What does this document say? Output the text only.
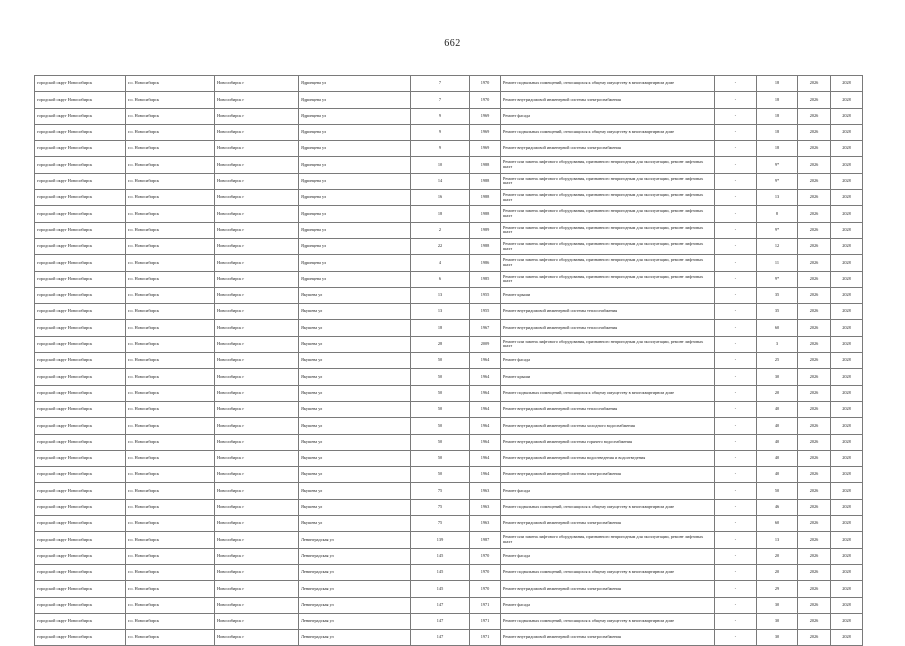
662
городской округ Новосибирск	г.о. Новосибирск	Новосибирск г	Ядринцева ул	7	1970	Ремонт подвальных помещений, относящихся к общему имуществу в многоквартирном доме	-	18	2026	2028
городской округ Новосибирск	г.о. Новосибирск	Новосибирск г	Ядринцева ул	7	1970	Ремонт внутридомовой инженерной системы электроснабжения	-	18	2026	2028
городской округ Новосибирск	г.о. Новосибирск	Новосибирск г	Ядринцева ул	9	1969	Ремонт фасада	-	18	2026	2028
городской округ Новосибирск	г.о. Новосибирск	Новосибирск г	Ядринцева ул	9	1969	Ремонт подвальных помещений, относящихся к общему имуществу в многоквартирном доме	-	18	2026	2028
городской округ Новосибирск	г.о. Новосибирск	Новосибирск г	Ядринцева ул	9	1969	Ремонт внутридомовой инженерной системы электроснабжения	-	18	2026	2028
городской округ Новосибирск	г.о. Новосибирск	Новосибирск г	Ядринцева ул	10	1988	Ремонт или замена лифтового оборудования, признанного непригодным для эксплуатации, ремонт лифтовых шахт	-	9*	2026	2028
городской округ Новосибирск	г.о. Новосибирск	Новосибирск г	Ядринцева ул	14	1988	Ремонт или замена лифтового оборудования, признанного непригодным для эксплуатации, ремонт лифтовых шахт	-	9*	2026	2028
городской округ Новосибирск	г.о. Новосибирск	Новосибирск г	Ядринцева ул	16	1988	Ремонт или замена лифтового оборудования, признанного непригодным для эксплуатации, ремонт лифтовых шахт	-	13	2026	2028
городской округ Новосибирск	г.о. Новосибирск	Новосибирск г	Ядринцева ул	18	1988	Ремонт или замена лифтового оборудования, признанного непригодным для эксплуатации, ремонт лифтовых шахт	-	8	2026	2028
городской округ Новосибирск	г.о. Новосибирск	Новосибирск г	Ядринцева ул	2	1989	Ремонт или замена лифтового оборудования, признанного непригодным для эксплуатации, ремонт лифтовых шахт	-	9*	2026	2028
городской округ Новосибирск	г.о. Новосибирск	Новосибирск г	Ядринцева ул	22	1988	Ремонт или замена лифтового оборудования, признанного непригодным для эксплуатации, ремонт лифтовых шахт	-	12	2026	2028
городской округ Новосибирск	г.о. Новосибирск	Новосибирск г	Ядринцева ул	4	1986	Ремонт или замена лифтового оборудования, признанного непригодным для эксплуатации, ремонт лифтовых шахт	-	11	2026	2028
городской округ Новосибирск	г.о. Новосибирск	Новосибирск г	Ядринцева ул	6	1985	Ремонт или замена лифтового оборудования, признанного непригодным для эксплуатации, ремонт лифтовых шахт	-	9*	2026	2028
городской округ Новосибирск	г.о. Новосибирск	Новосибирск г	Якушева ул	13	1955	Ремонт крыши	-	35	2026	2028
городской округ Новосибирск	г.о. Новосибирск	Новосибирск г	Якушева ул	13	1955	Ремонт внутридомовой инженерной системы теплоснабжения	-	35	2026	2028
городской округ Новосибирск	г.о. Новосибирск	Новосибирск г	Якушева ул	18	1967	Ремонт внутридомовой инженерной системы теплоснабжения	-	60	2026	2028
городской округ Новосибирск	г.о. Новосибирск	Новосибирск г	Якушева ул	28	2009	Ремонт или замена лифтового оборудования, признанного непригодным для эксплуатации, ремонт лифтовых шахт	-	3	2026	2028
городской округ Новосибирск	г.о. Новосибирск	Новосибирск г	Якушева ул	50	1964	Ремонт фасада	-	25	2026	2028
городской округ Новосибирск	г.о. Новосибирск	Новосибирск г	Якушева ул	50	1964	Ремонт крыши	-	30	2026	2028
городской округ Новосибирск	г.о. Новосибирск	Новосибирск г	Якушева ул	50	1964	Ремонт подвальных помещений, относящихся к общему имуществу в многоквартирном доме	-	20	2026	2028
городской округ Новосибирск	г.о. Новосибирск	Новосибирск г	Якушева ул	50	1964	Ремонт внутридомовой инженерной системы теплоснабжения	-	40	2026	2028
городской округ Новосибирск	г.о. Новосибирск	Новосибирск г	Якушева ул	50	1964	Ремонт внутридомовой инженерной системы холодного водоснабжения	-	40	2026	2028
городской округ Новосибирск	г.о. Новосибирск	Новосибирск г	Якушева ул	50	1964	Ремонт внутридомовой инженерной системы горячего водоснабжения	-	40	2026	2028
городской округ Новосибирск	г.о. Новосибирск	Новосибирск г	Якушева ул	50	1964	Ремонт внутридомовой инженерной системы водоотведения и водоотведения	-	40	2026	2028
городской округ Новосибирск	г.о. Новосибирск	Новосибирск г	Якушева ул	50	1964	Ремонт внутридомовой инженерной системы электроснабжения	-	40	2026	2028
городской округ Новосибирск	г.о. Новосибирск	Новосибирск г	Якушева ул	75	1963	Ремонт фасада	-	50	2026	2028
городской округ Новосибирск	г.о. Новосибирск	Новосибирск г	Якушева ул	75	1963	Ремонт подвальных помещений, относящихся к общему имуществу в многоквартирном доме	-	46	2026	2028
городской округ Новосибирск	г.о. Новосибирск	Новосибирск г	Якушева ул	75	1963	Ремонт внутридомовой инженерной системы электроснабжения	-	60	2026	2028
городской округ Новосибирск	г.о. Новосибирск	Новосибирск г	Ленинградская ул	139	1987	Ремонт или замена лифтового оборудования, признанного непригодным для эксплуатации, ремонт лифтовых шахт	-	13	2026	2028
городской округ Новосибирск	г.о. Новосибирск	Новосибирск г	Ленинградская ул	145	1970	Ремонт фасада	-	20	2026	2028
городской округ Новосибирск	г.о. Новосибирск	Новосибирск г	Ленинградская ул	145	1970	Ремонт подвальных помещений, относящихся к общему имуществу в многоквартирном доме	-	20	2026	2028
городской округ Новосибирск	г.о. Новосибирск	Новосибирск г	Ленинградская ул	145	1970	Ремонт внутридомовой инженерной системы электроснабжения	-	29	2026	2028
городской округ Новосибирск	г.о. Новосибирск	Новосибирск г	Ленинградская ул	147	1971	Ремонт фасада	-	30	2026	2028
городской округ Новосибирск	г.о. Новосибирск	Новосибирск г	Ленинградская ул	147	1971	Ремонт подвальных помещений, относящихся к общему имуществу в многоквартирном доме	-	30	2026	2028
городской округ Новосибирск	г.о. Новосибирск	Новосибирск г	Ленинградская ул	147	1971	Ремонт внутридомовой инженерной системы электроснабжения	-	30	2026	2028
